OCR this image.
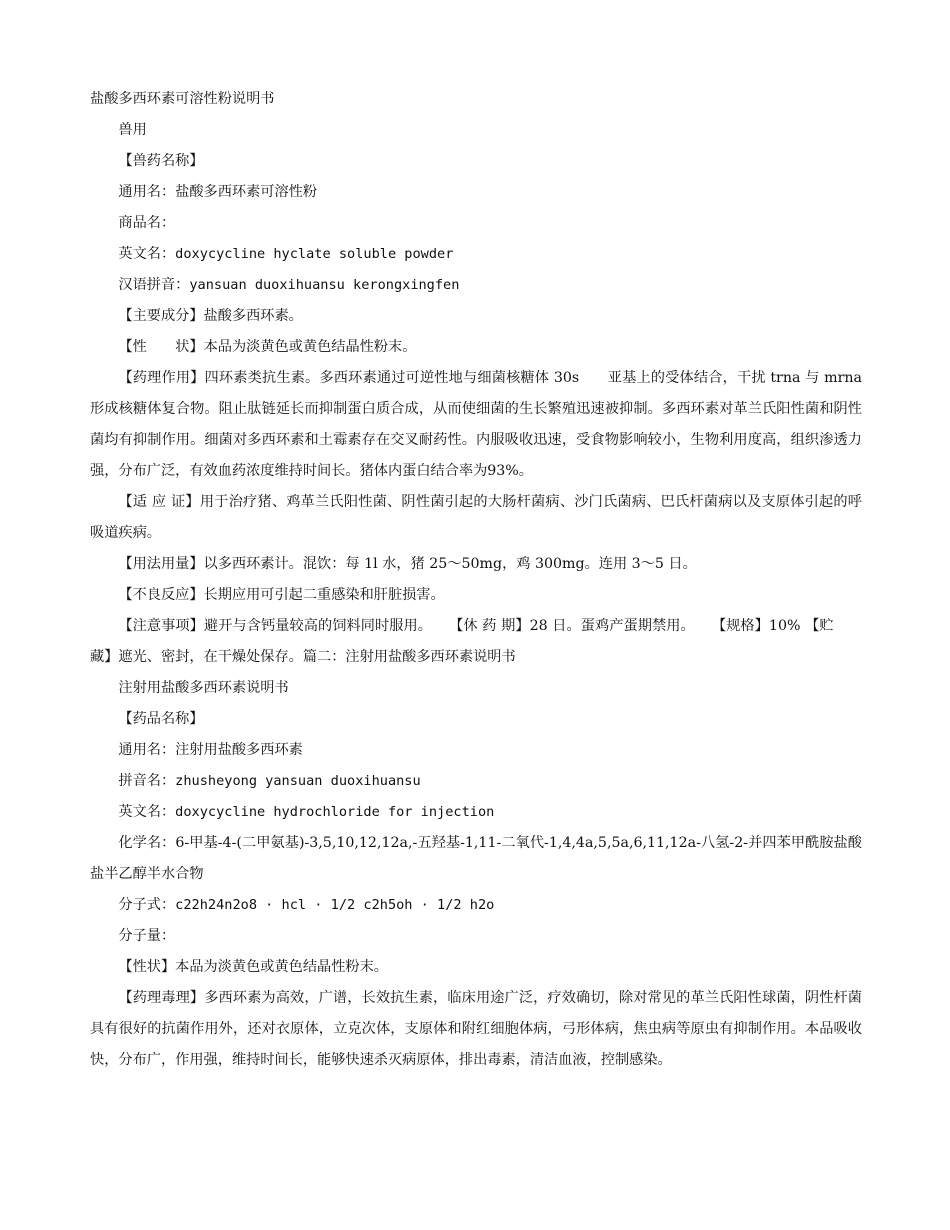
盐酸多西环素可溶性粉说明书

兽用

【兽药名称】

通用名：盐酸多西环素可溶性粉

商品名：

英文名：doxycycline hyclate soluble powder

汉语拼音：yansuan duoxihuansu kerongxingfen

【主要成分】盐酸多西环素。

【性 状】本品为淡黄色或黄色结晶性粉末。

【药理作用】四环素类抗生素。多西环素通过可逆性地与细菌核糖体 30s 亚基上的受体结合，干扰 trna 与 mrna 形成核糖体复合物。阻止肽链延长而抑制蛋白质合成，从而使细菌的生长繁殖迅速被抑制。多西环素对革兰氏阳性菌和阴性菌均有抑制作用。细菌对多西环素和土霉素存在交叉耐药性。内服吸收迅速，受食物影响较小，生物利用度高，组织渗透力强，分布广泛，有效血药浓度维持时间长。猪体内蛋白结合率为93%。

【适 应 证】用于治疗猪、鸡革兰氏阳性菌、阴性菌引起的大肠杆菌病、沙门氏菌病、巴氏杆菌病以及支原体引起的呼吸道疾病。

【用法用量】以多西环素计。混饮：每 1l 水，猪 25～50mg，鸡 300mg。连用 3～5 日。

【不良反应】长期应用可引起二重感染和肝脏损害。

【注意事项】避开与含钙量较高的饲料同时服用。 【休 药 期】28 日。蛋鸡产蛋期禁用。 【规格】10% 【贮藏】遮光、密封，在干燥处保存。篇二：注射用盐酸多西环素说明书

注射用盐酸多西环素说明书

【药品名称】

通用名：注射用盐酸多西环素

拼音名：zhusheyong yansuan duoxihuansu

英文名：doxycycline hydrochloride for injection

化学名：6-甲基-4-(二甲氨基)-3,5,10,12,12a,-五羟基-1,11-二氧代-1,4,4a,5,5a,6,11,12a-八氢-2-并四苯甲酰胺盐酸盐半乙醇半水合物

分子式：c22h24n2o8 · hcl · 1/2 c2h5oh · 1/2 h2o

分子量：

【性状】本品为淡黄色或黄色结晶性粉末。

【药理毒理】多西环素为高效，广谱，长效抗生素，临床用途广泛，疗效确切，除对常见的革兰氏阳性球菌，阴性杆菌具有很好的抗菌作用外，还对衣原体，立克次体，支原体和附红细胞体病，弓形体病，焦虫病等原虫有抑制作用。本品吸收快，分布广，作用强，维持时间长，能够快速杀灭病原体，排出毒素，清洁血液，控制感染。
